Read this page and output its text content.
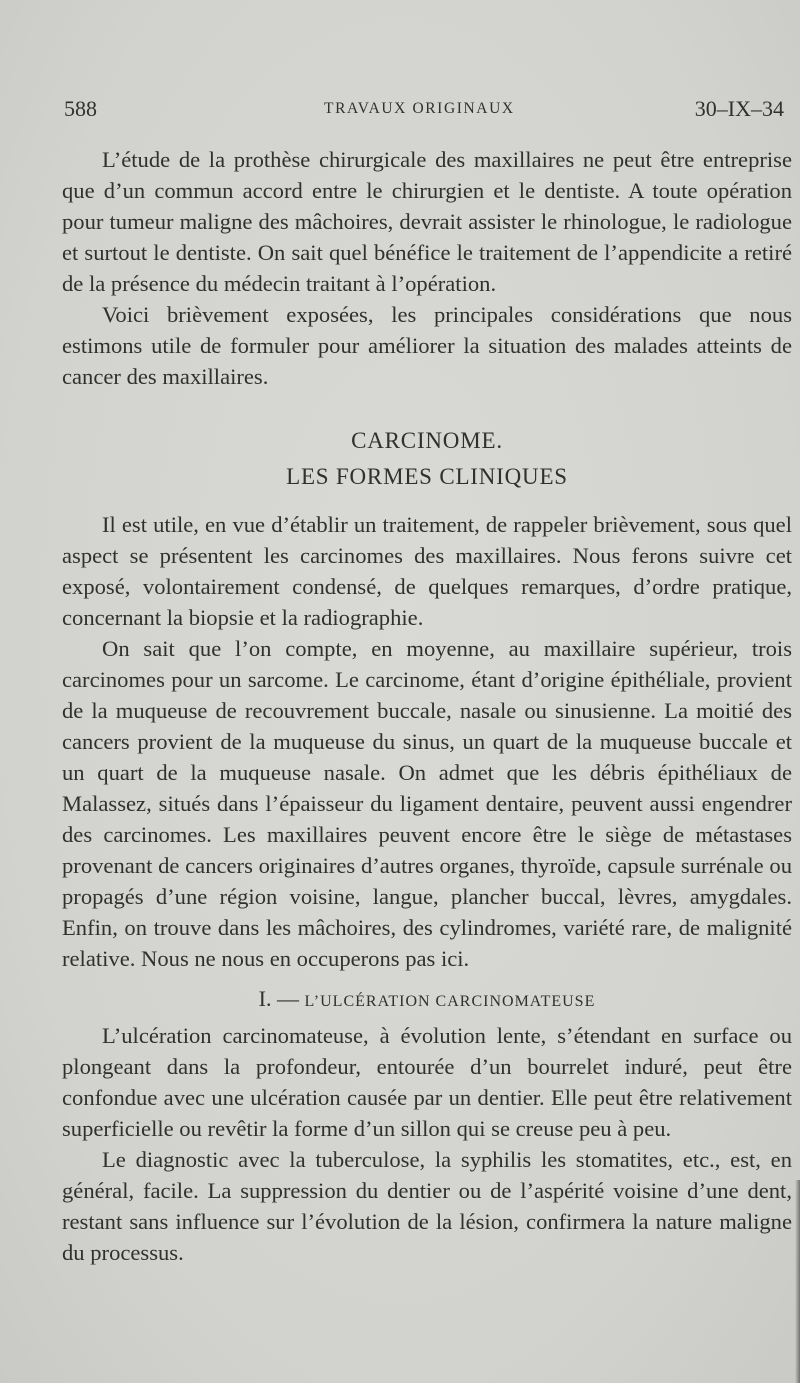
588	TRAVAUX ORIGINAUX	30–IX–34

L’étude de la prothèse chirurgicale des maxillaires ne peut être entreprise que d’un commun accord entre le chirurgien et le dentiste. A toute opération pour tumeur maligne des mâchoires, devrait assister le rhinologue, le radiologue et surtout le dentiste. On sait quel bénéfice le traitement de l’appendicite a retiré de la présence du médecin traitant à l’opération.

Voici brièvement exposées, les principales considérations que nous estimons utile de formuler pour améliorer la situation des malades atteints de cancer des maxillaires.

CARCINOME.
LES FORMES CLINIQUES

Il est utile, en vue d’établir un traitement, de rappeler brièvement, sous quel aspect se présentent les carcinomes des maxillaires. Nous ferons suivre cet exposé, volontairement condensé, de quelques remarques, d’ordre pratique, concernant la biopsie et la radiographie.

On sait que l’on compte, en moyenne, au maxillaire supérieur, trois carcinomes pour un sarcome. Le carcinome, étant d’origine épithéliale, provient de la muqueuse de recouvrement buccale, nasale ou sinusienne. La moitié des cancers provient de la muqueuse du sinus, un quart de la muqueuse buccale et un quart de la muqueuse nasale. On admet que les débris épithéliaux de Malassez, situés dans l’épaisseur du ligament dentaire, peuvent aussi engendrer des carcinomes. Les maxillaires peuvent encore être le siège de métastases provenant de cancers originaires d’autres organes, thyroïde, capsule surrénale ou propagés d’une région voisine, langue, plancher buccal, lèvres, amygdales. Enfin, on trouve dans les mâchoires, des cylindromes, variété rare, de malignité relative. Nous ne nous en occuperons pas ici.

I. — L’ULCÉRATION CARCINOMATEUSE

L’ulcération carcinomateuse, à évolution lente, s’étendant en surface ou plongeant dans la profondeur, entourée d’un bourrelet induré, peut être confondue avec une ulcération causée par un dentier. Elle peut être relativement superficielle ou revêtir la forme d’un sillon qui se creuse peu à peu.

Le diagnostic avec la tuberculose, la syphilis les stomatites, etc., est, en général, facile. La suppression du dentier ou de l’aspérité voisine d’une dent, restant sans influence sur l’évolution de la lésion, confirmera la nature maligne du processus.
